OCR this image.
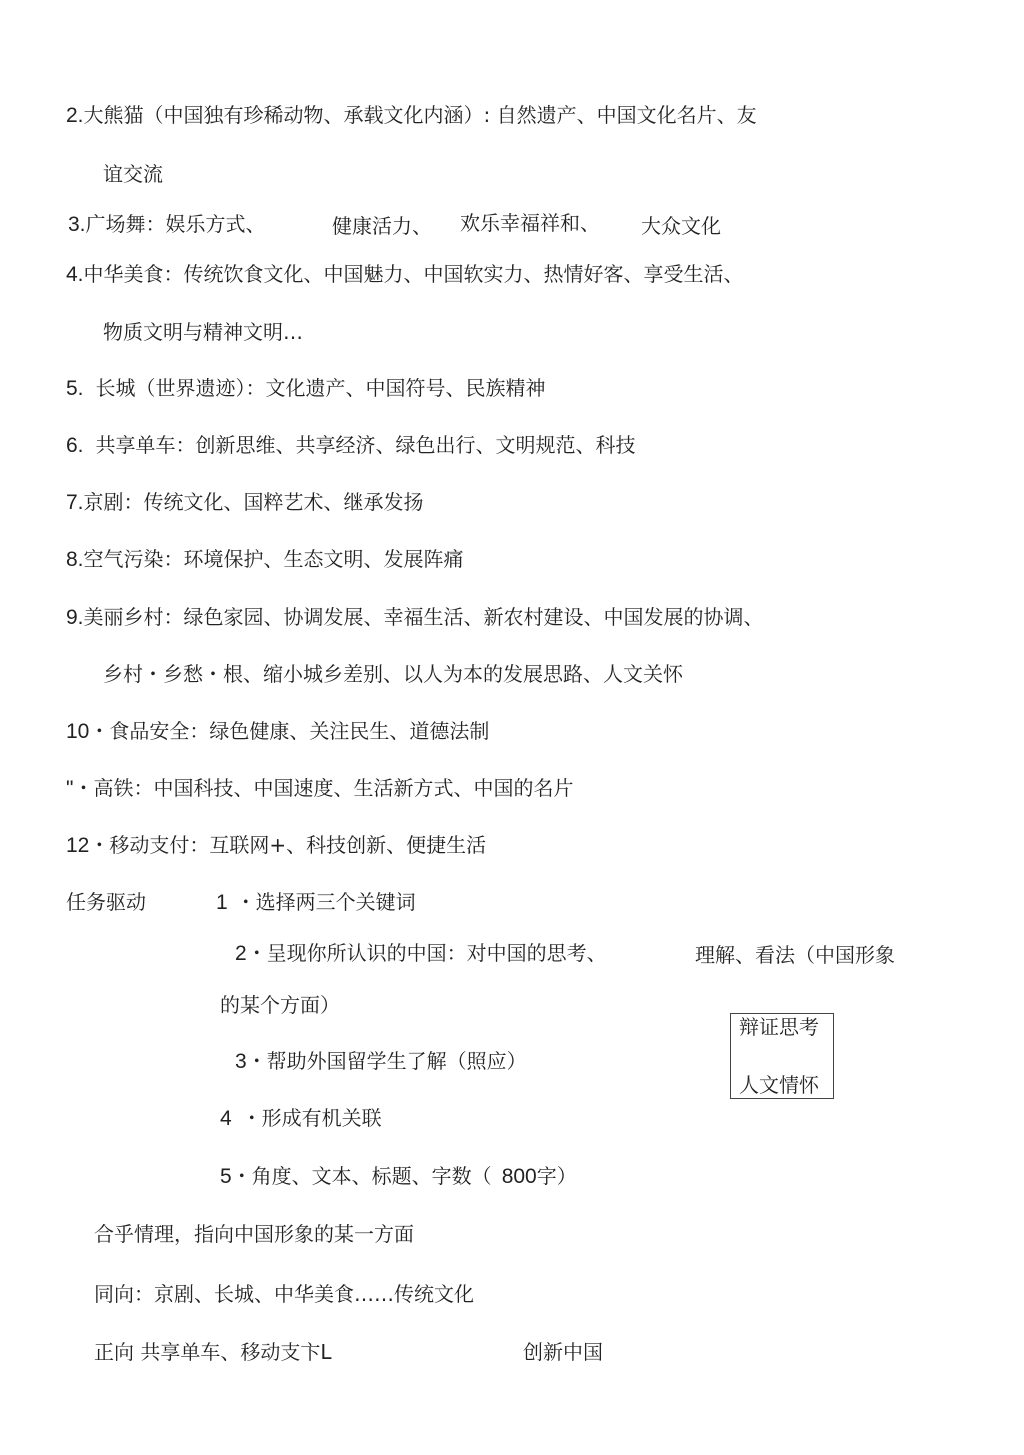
2.大熊猫（中国独有珍稀动物、承载文化内涵）: 自然遗产、中国文化名片、友
谊交流
3.广场舞：娱乐方式、	健康活力、 欢乐幸福祥和、 大众文化
4.中华美食：传统饮食文化、中国魅力、中国软实力、热情好客、享受生活、
物质文明与精神文明…
5. 长城（世界遗迹）：文化遗产、中国符号、民族精神
6. 共享单车：创新思维、共享经济、绿色出行、文明规范、科技
7.京剧：传统文化、国粹艺术、继承发扬
8.空气污染：环境保护、生态文明、发展阵痛
9.美丽乡村：绿色家园、协调发展、幸福生活、新农村建设、中国发展的协调、
乡村・乡愁・根、缩小城乡差别、以人为本的发展思路、人文关怀
10・食品安全：绿色健康、关注民生、道德法制
"・高铁：中国科技、中国速度、生活新方式、中国的名片
12・移动支付：互联网+、科技创新、便捷生活
任务驱动	1 ・选择两三个关键词
2・呈现你所认识的中国：对中国的思考、	理解、看法（中国形象
的某个方面）
辩证思考
人文情怀
3・帮助外国留学生了解（照应）
4 ・形成有机关联
5・角度、文本、标题、字数（ 800字）
合乎情理，指向中国形象的某一方面
同向：京剧、长城、中华美食……传统文化
正向 共享单车、移动支卞L	创新中国
